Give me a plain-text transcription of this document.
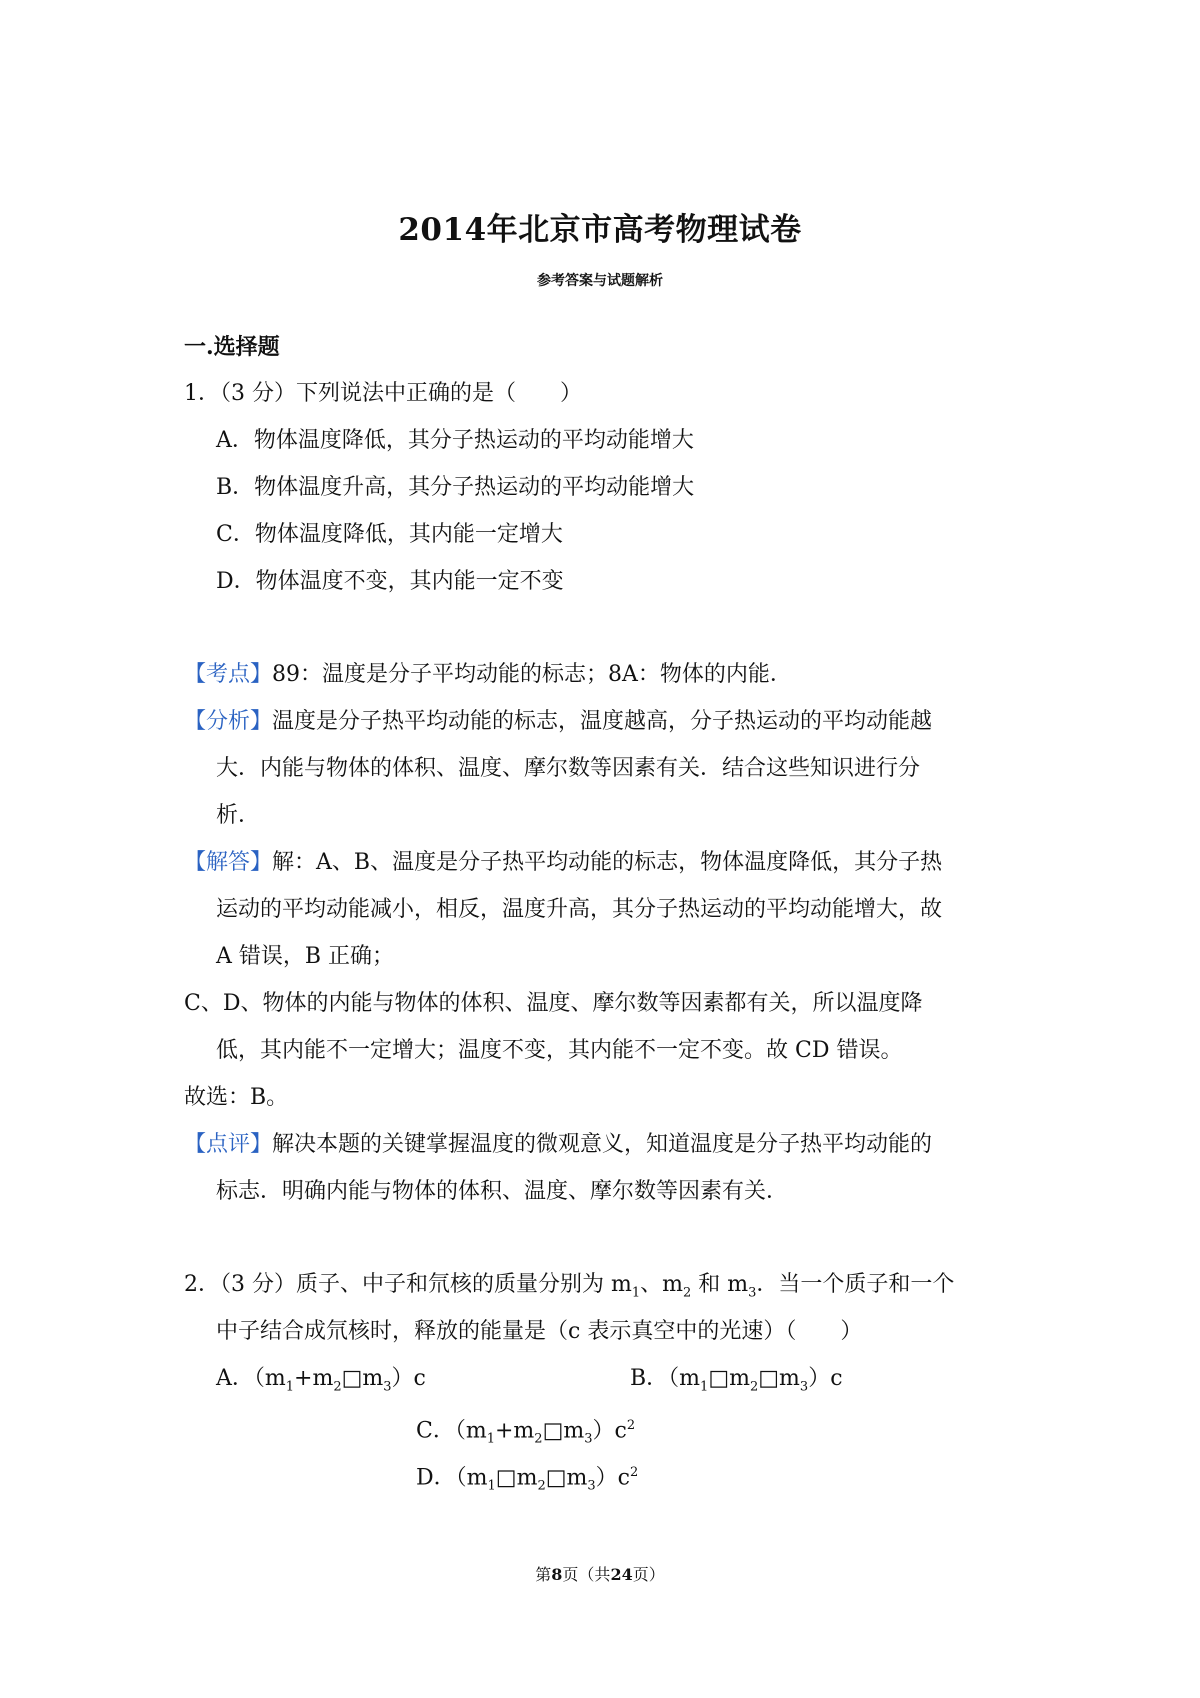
2014年北京市高考物理试卷
参考答案与试题解析
一.选择题
1．（3 分）下列说法中正确的是（　　）
A．物体温度降低，其分子热运动的平均动能增大
B．物体温度升高，其分子热运动的平均动能增大
C．物体温度降低，其内能一定增大
D．物体温度不变，其内能一定不变
【考点】89：温度是分子平均动能的标志；8A：物体的内能．
【分析】温度是分子热平均动能的标志，温度越高，分子热运动的平均动能越
大．内能与物体的体积、温度、摩尔数等因素有关．结合这些知识进行分
析．
【解答】解：A、B、温度是分子热平均动能的标志，物体温度降低，其分子热
运动的平均动能减小，相反，温度升高，其分子热运动的平均动能增大，故
A 错误，B 正确；
C、D、物体的内能与物体的体积、温度、摩尔数等因素都有关，所以温度降
低，其内能不一定增大；温度不变，其内能不一定不变。故 CD 错误。
故选：B。
【点评】解决本题的关键掌握温度的微观意义，知道温度是分子热平均动能的
标志．明确内能与物体的体积、温度、摩尔数等因素有关．
2．（3 分）质子、中子和氘核的质量分别为 $m_1$、$m_2$ 和 $m_3$．当一个质子和一个
中子结合成氘核时，释放的能量是（c 表示真空中的光速）（　　）
A．$(m_1+m_2□m_3)c$	B．$(m_1□m_2□m_3)c$
C．$(m_1+m_2□m_3)c^2$
D．$(m_1□m_2□m_3)c^2$
第8页（共24页）
